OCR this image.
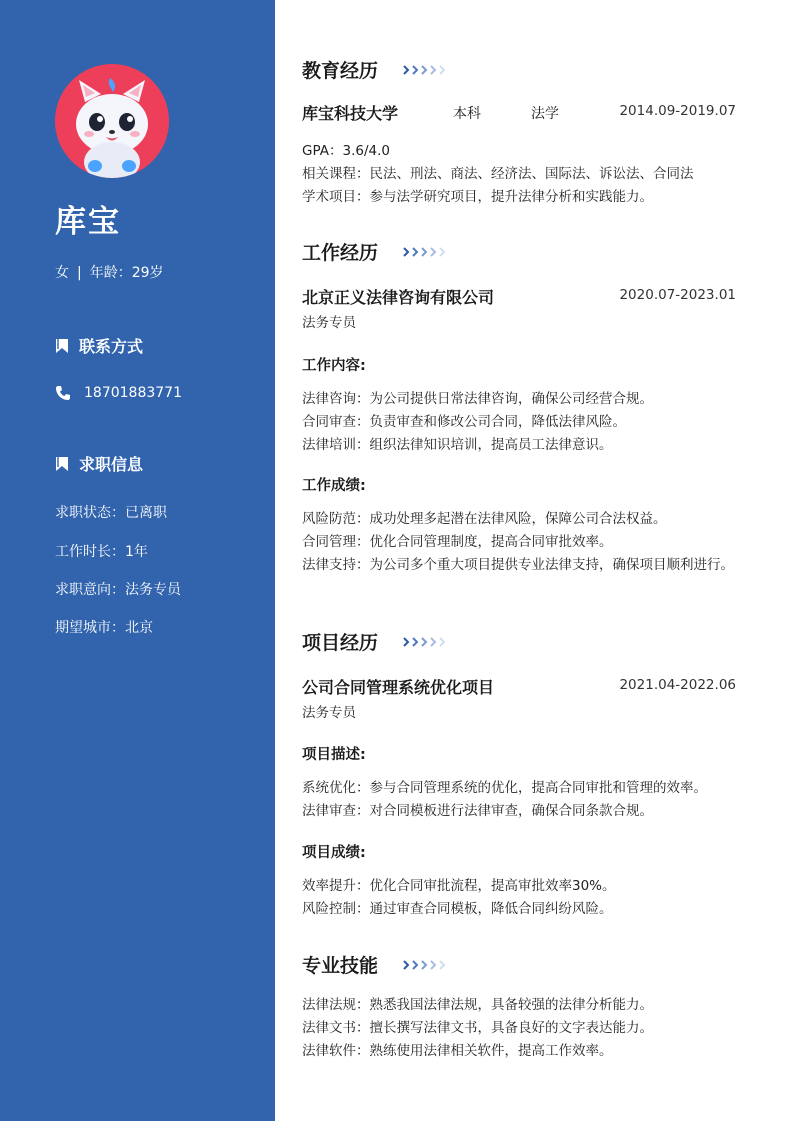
库宝
女 | 年龄：29岁
联系方式
18701883771
求职信息
求职状态：已离职
工作时长：1年
求职意向：法务专员
期望城市：北京
教育经历
库宝科技大学	本科	法学	2014.09-2019.07
GPA：3.6/4.0
相关课程：民法、刑法、商法、经济法、国际法、诉讼法、合同法
学术项目：参与法学研究项目，提升法律分析和实践能力。
工作经历
北京正义法律咨询有限公司	2020.07-2023.01
法务专员
工作内容:
法律咨询：为公司提供日常法律咨询，确保公司经营合规。
合同审查：负责审查和修改公司合同，降低法律风险。
法律培训：组织法律知识培训，提高员工法律意识。
工作成绩:
风险防范：成功处理多起潜在法律风险，保障公司合法权益。
合同管理：优化合同管理制度，提高合同审批效率。
法律支持：为公司多个重大项目提供专业法律支持，确保项目顺利进行。
项目经历
公司合同管理系统优化项目	2021.04-2022.06
法务专员
项目描述:
系统优化：参与合同管理系统的优化，提高合同审批和管理的效率。
法律审查：对合同模板进行法律审查，确保合同条款合规。
项目成绩:
效率提升：优化合同审批流程，提高审批效率30%。
风险控制：通过审查合同模板，降低合同纠纷风险。
专业技能
法律法规：熟悉我国法律法规，具备较强的法律分析能力。
法律文书：擅长撰写法律文书，具备良好的文字表达能力。
法律软件：熟练使用法律相关软件，提高工作效率。
